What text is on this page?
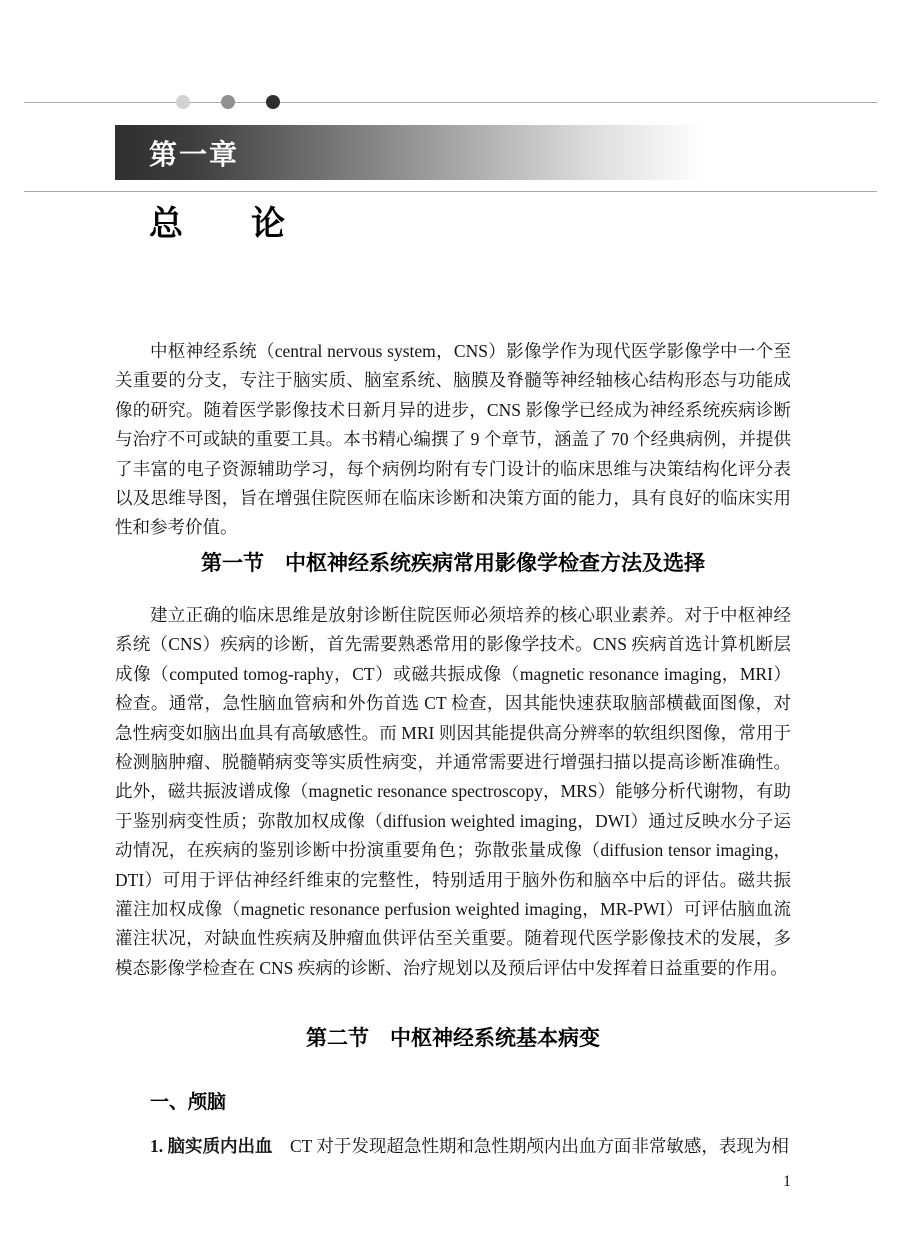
第一章
总　　论

中枢神经系统（central nervous system，CNS）影像学作为现代医学影像学中一个至关重要的分支，专注于脑实质、脑室系统、脑膜及脊髓等神经轴核心结构形态与功能成像的研究。随着医学影像技术日新月异的进步，CNS 影像学已经成为神经系统疾病诊断与治疗不可或缺的重要工具。本书精心编撰了 9 个章节，涵盖了 70 个经典病例，并提供了丰富的电子资源辅助学习，每个病例均附有专门设计的临床思维与决策结构化评分表以及思维导图，旨在增强住院医师在临床诊断和决策方面的能力，具有良好的临床实用性和参考价值。

第一节　中枢神经系统疾病常用影像学检查方法及选择

建立正确的临床思维是放射诊断住院医师必须培养的核心职业素养。对于中枢神经系统（CNS）疾病的诊断，首先需要熟悉常用的影像学技术。CNS 疾病首选计算机断层成像（computed tomog-raphy，CT）或磁共振成像（magnetic resonance imaging，MRI）检查。通常，急性脑血管病和外伤首选 CT 检查，因其能快速获取脑部横截面图像，对急性病变如脑出血具有高敏感性。而 MRI 则因其能提供高分辨率的软组织图像，常用于检测脑肿瘤、脱髓鞘病变等实质性病变，并通常需要进行增强扫描以提高诊断准确性。此外，磁共振波谱成像（magnetic resonance spectroscopy，MRS）能够分析代谢物，有助于鉴别病变性质；弥散加权成像（diffusion weighted imaging，DWI）通过反映水分子运动情况，在疾病的鉴别诊断中扮演重要角色；弥散张量成像（diffusion tensor imaging，DTI）可用于评估神经纤维束的完整性，特别适用于脑外伤和脑卒中后的评估。磁共振灌注加权成像（magnetic resonance perfusion weighted imaging，MR-PWI）可评估脑血流灌注状况，对缺血性疾病及肿瘤血供评估至关重要。随着现代医学影像技术的发展，多模态影像学检查在 CNS 疾病的诊断、治疗规划以及预后评估中发挥着日益重要的作用。

第二节　中枢神经系统基本病变
一、颅脑

1. 脑实质内出血　CT 对于发现超急性期和急性期颅内出血方面非常敏感，表现为相

1
